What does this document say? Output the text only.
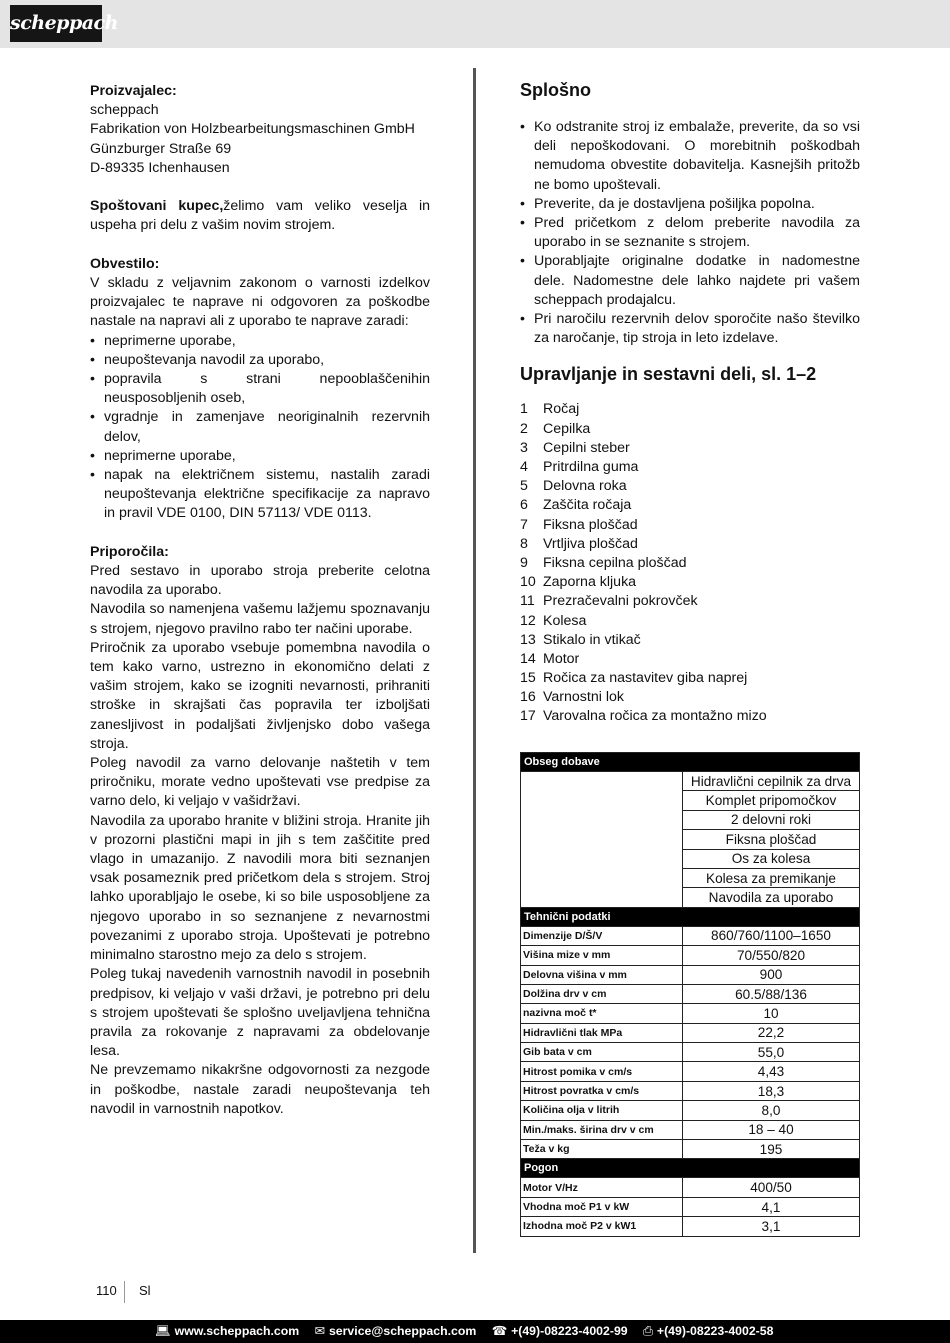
scheppach

Proizvajalec:

scheppach

Fabrikation von Holzbearbeitungsmaschinen GmbH

Günzburger Straße 69

D-89335 Ichenhausen

Spoštovani kupec,želimo vam veliko veselja in uspeha pri delu z vašim novim strojem.

Obvestilo:

V skladu z veljavnim zakonom o varnosti izdelkov proizvajalec te naprave ni odgovoren za poškodbe nastale na napravi ali z uporabo te naprave zaradi:

• neprimerne uporabe,
• neupoštevanja navodil za uporabo,
• popravila s strani nepooblaščenihin neusposobljenih oseb,
• vgradnje in zamenjave neoriginalnih rezervnih delov,
• neprimerne uporabe,
• napak na električnem sistemu, nastalih zaradi neupoštevanja električne specifikacije za napravo in pravil VDE 0100, DIN 57113/ VDE 0113.

Priporočila:

Pred sestavo in uporabo stroja preberite celotna navodila za uporabo.

Navodila so namenjena vašemu lažjemu spoznavanju s strojem, njegovo pravilno rabo ter načini uporabe.

Priročnik za uporabo vsebuje pomembna navodila o tem kako varno, ustrezno in ekonomično delati z vašim strojem, kako se izogniti nevarnosti, prihraniti stroške in skrajšati čas popravila ter izboljšati zanesljivost in podaljšati življenjsko dobo vašega stroja.

Poleg navodil za varno delovanje naštetih v tem priročniku, morate vedno upoštevati vse predpise za varno delo, ki veljajo v vašidržavi.

Navodila za uporabo hranite v bližini stroja. Hranite jih v prozorni plastični mapi in jih s tem zaščitite pred vlago in umazanijo. Z navodili mora biti seznanjen vsak posameznik pred pričetkom dela s strojem. Stroj lahko uporabljajo le osebe, ki so bile usposobljene za njegovo uporabo in so seznanjene z nevarnostmi povezanimi z uporabo stroja. Upoštevati je potrebno minimalno starostno mejo za delo s strojem.

Poleg tukaj navedenih varnostnih navodil in posebnih predpisov, ki veljajo v vaši državi, je potrebno pri delu s strojem upoštevati še splošno uveljavljena tehnična pravila za rokovanje z napravami za obdelovanje lesa.

Ne prevzemamo nikakršne odgovornosti za nezgode in poškodbe, nastale zaradi neupoštevanja teh navodil in varnostnih napotkov.

Splošno
• Ko odstranite stroj iz embalaže, preverite, da so vsi deli nepoškodovani. O morebitnih poškodbah nemudoma obvestite dobavitelja. Kasnejših pritožb ne bomo upoštevali.
• Preverite, da je dostavljena pošiljka popolna.
• Pred pričetkom z delom preberite navodila za uporabo in se seznanite s strojem.
• Uporabljajte originalne dodatke in nadomestne dele. Nadomestne dele lahko najdete pri vašem scheppach prodajalcu.
• Pri naročilu rezervnih delov sporočite našo številko za naročanje, tip stroja in leto izdelave.
Upravljanje in sestavni deli, sl. 1–2
1	Ročaj
2	Cepilka
3	Cepilni steber
4	Pritrdilna guma
5	Delovna roka
6	Zaščita ročaja
7	Fiksna ploščad
8	Vrtljiva ploščad
9	Fiksna cepilna ploščad
10 Zaporna kljuka
11 Prezračevalni pokrovček
12 Kolesa
13 Stikalo in vtikač
14 Motor
15 Ročica za nastavitev giba naprej
16 Varnostni lok
17 Varovalna ročica za montažno mizo
Obseg dobave	
	Hidravlični cepilnik za drva
	Komplet pripomočkov
	2 delovni roki
	Fiksna ploščad
	Os za kolesa
	Kolesa za premikanje
	Navodila za uporabo
Tehnični podatki	
Dimenzije D/Š/V	860/760/1100–1650
Višina mize v mm	70/550/820
Delovna višina v mm	900
Dolžina drv v cm	60.5/88/136
nazivna moč t*	10
Hidravlični tlak MPa	22,2
Gib bata v cm	55,0
Hitrost pomika v cm/s	4,43
Hitrost povratka v cm/s	18,3
Količina olja v litrih	8,0
Min./maks. širina drv v cm	18 – 40
Teža v kg	195
Pogon	
Motor V/Hz	400/50
Vhodna moč P1 v kW	4,1
Izhodna moč P2 v kW1	3,1
110 Sl
💻︎ www.scheppach.com ✉ service@scheppach.com ☎ +(49)-08223-4002-99 ⎙ +(49)-08223-4002-58
